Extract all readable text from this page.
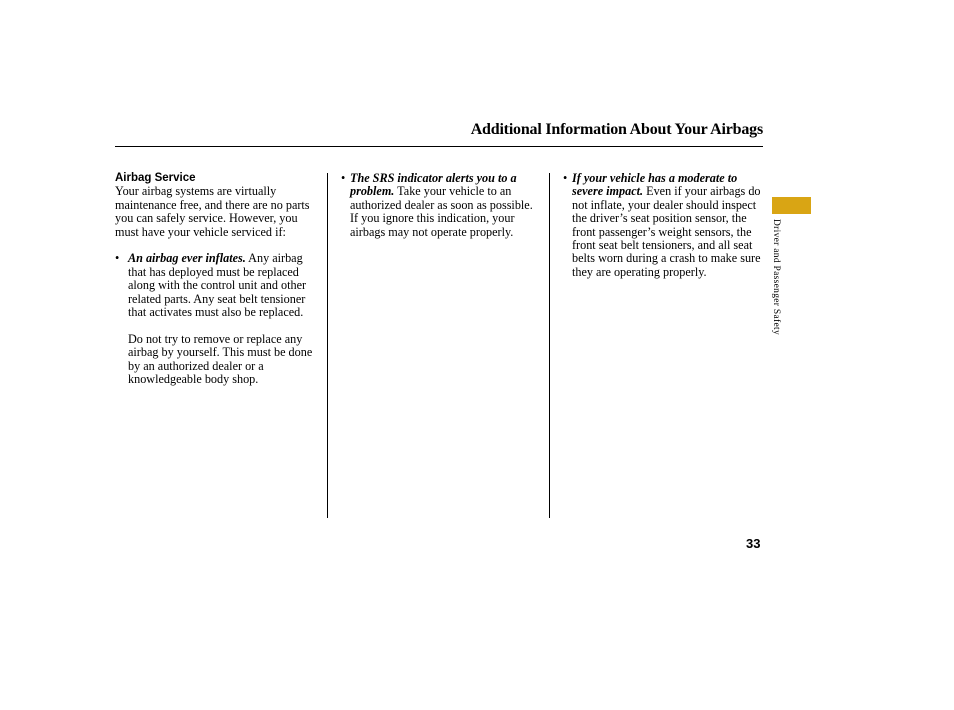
Additional Information About Your Airbags

Airbag Service

Your airbag systems are virtually maintenance free, and there are no parts you can safely service. However, you must have your vehicle serviced if:

• An airbag ever inflates. Any airbag that has deployed must be replaced along with the control unit and other related parts. Any seat belt tensioner that activates must also be replaced.

Do not try to remove or replace any airbag by yourself. This must be done by an authorized dealer or a knowledgeable body shop.

• The SRS indicator alerts you to a problem. Take your vehicle to an authorized dealer as soon as possible. If you ignore this indication, your airbags may not operate properly.

• If your vehicle has a moderate to severe impact. Even if your airbags do not inflate, your dealer should inspect the driver’s seat position sensor, the front passenger’s weight sensors, the front seat belt tensioners, and all seat belts worn during a crash to make sure they are operating properly.	Driver and Passenger Safety
33
